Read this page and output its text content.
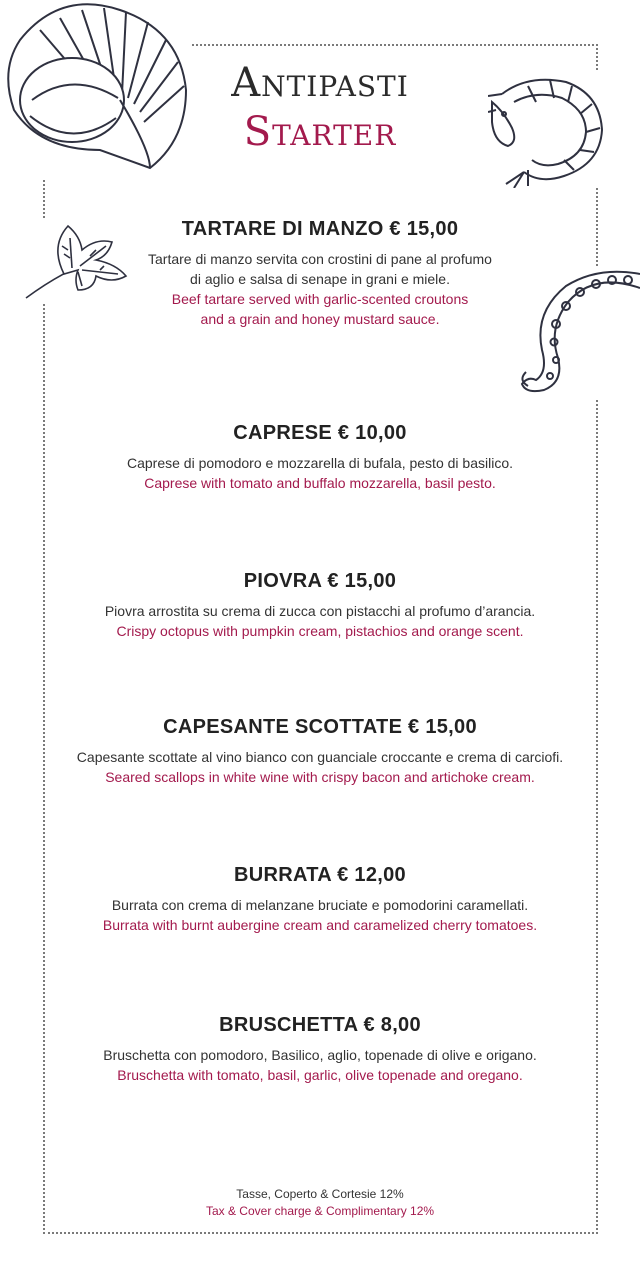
Antipasti
Starter
TARTARE DI MANZO € 15,00
Tartare di manzo servita con crostini di pane al profumo
di aglio e salsa di senape in grani e miele.
Beef tartare served with garlic-scented croutons
and a grain and honey mustard sauce.
CAPRESE € 10,00
Caprese di pomodoro e mozzarella di bufala, pesto di basilico.
Caprese with tomato and buffalo mozzarella, basil pesto.
PIOVRA € 15,00
Piovra arrostita su crema di zucca con pistacchi al profumo d’arancia.
Crispy octopus with pumpkin cream, pistachios and orange scent.
CAPESANTE SCOTTATE € 15,00
Capesante scottate al vino bianco con guanciale croccante e crema di carciofi.
Seared scallops in white wine with crispy bacon and artichoke cream.
BURRATA € 12,00
Burrata con crema di melanzane bruciate e pomodorini caramellati.
Burrata with burnt aubergine cream and caramelized cherry tomatoes.
BRUSCHETTA € 8,00
Bruschetta con pomodoro, Basilico, aglio, topenade di olive e origano.
Bruschetta with tomato, basil, garlic, olive topenade and oregano.
Tasse, Coperto & Cortesie 12%
Tax & Cover charge & Complimentary 12%
